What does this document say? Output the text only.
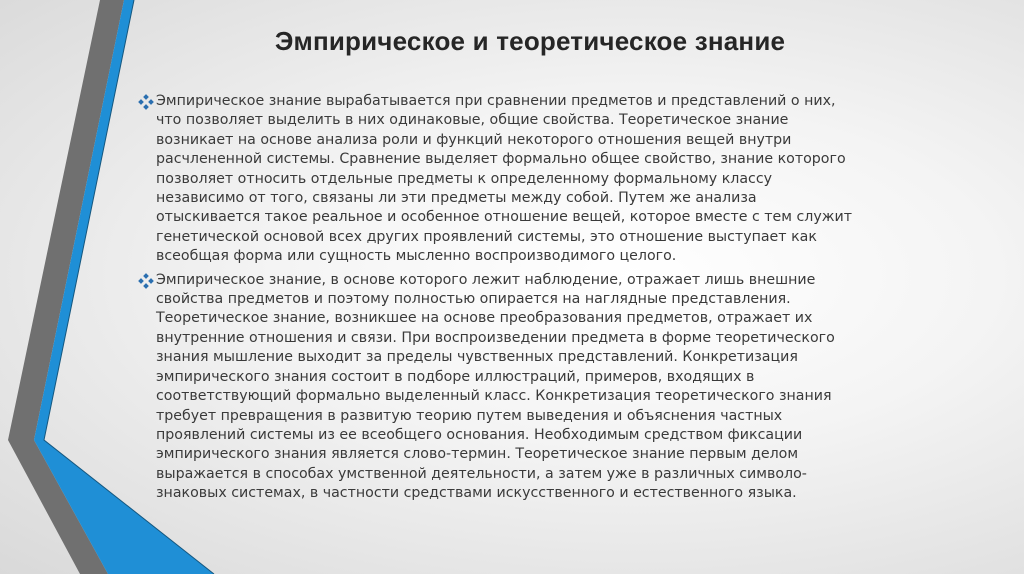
Эмпирическое и теоретическое знание
Эмпирическое знание вырабатывается при сравнении предметов и представлений о них,
что позволяет выделить в них одинаковые, общие свойства. Теоретическое знание
возникает на основе анализа роли и функций некоторого отношения вещей внутри
расчлененной системы. Сравнение выделяет формально общее свойство, знание которого
позволяет относить отдельные предметы к определенному формальному классу
независимо от того, связаны ли эти предметы между собой. Путем же анализа
отыскивается такое реальное и особенное отношение вещей, которое вместе с тем служит
генетической основой всех других проявлений системы, это отношение выступает как
всеобщая форма или сущность мысленно воспроизводимого целого.
Эмпирическое знание, в основе которого лежит наблюдение, отражает лишь внешние
свойства предметов и поэтому полностью опирается на наглядные представления.
Теоретическое знание, возникшее на основе преобразования предметов, отражает их
внутренние отношения и связи. При воспроизведении предмета в форме теоретического
знания мышление выходит за пределы чувственных представлений. Конкретизация
эмпирического знания состоит в подборе иллюстраций, примеров, входящих в
соответствующий формально выделенный класс. Конкретизация теоретического знания
требует превращения в развитую теорию путем выведения и объяснения частных
проявлений системы из ее всеобщего основания. Необходимым средством фиксации
эмпирического знания является слово-термин. Теоретическое знание первым делом
выражается в способах умственной деятельности, а затем уже в различных символо-
знаковых системах, в частности средствами искусственного и естественного языка.
